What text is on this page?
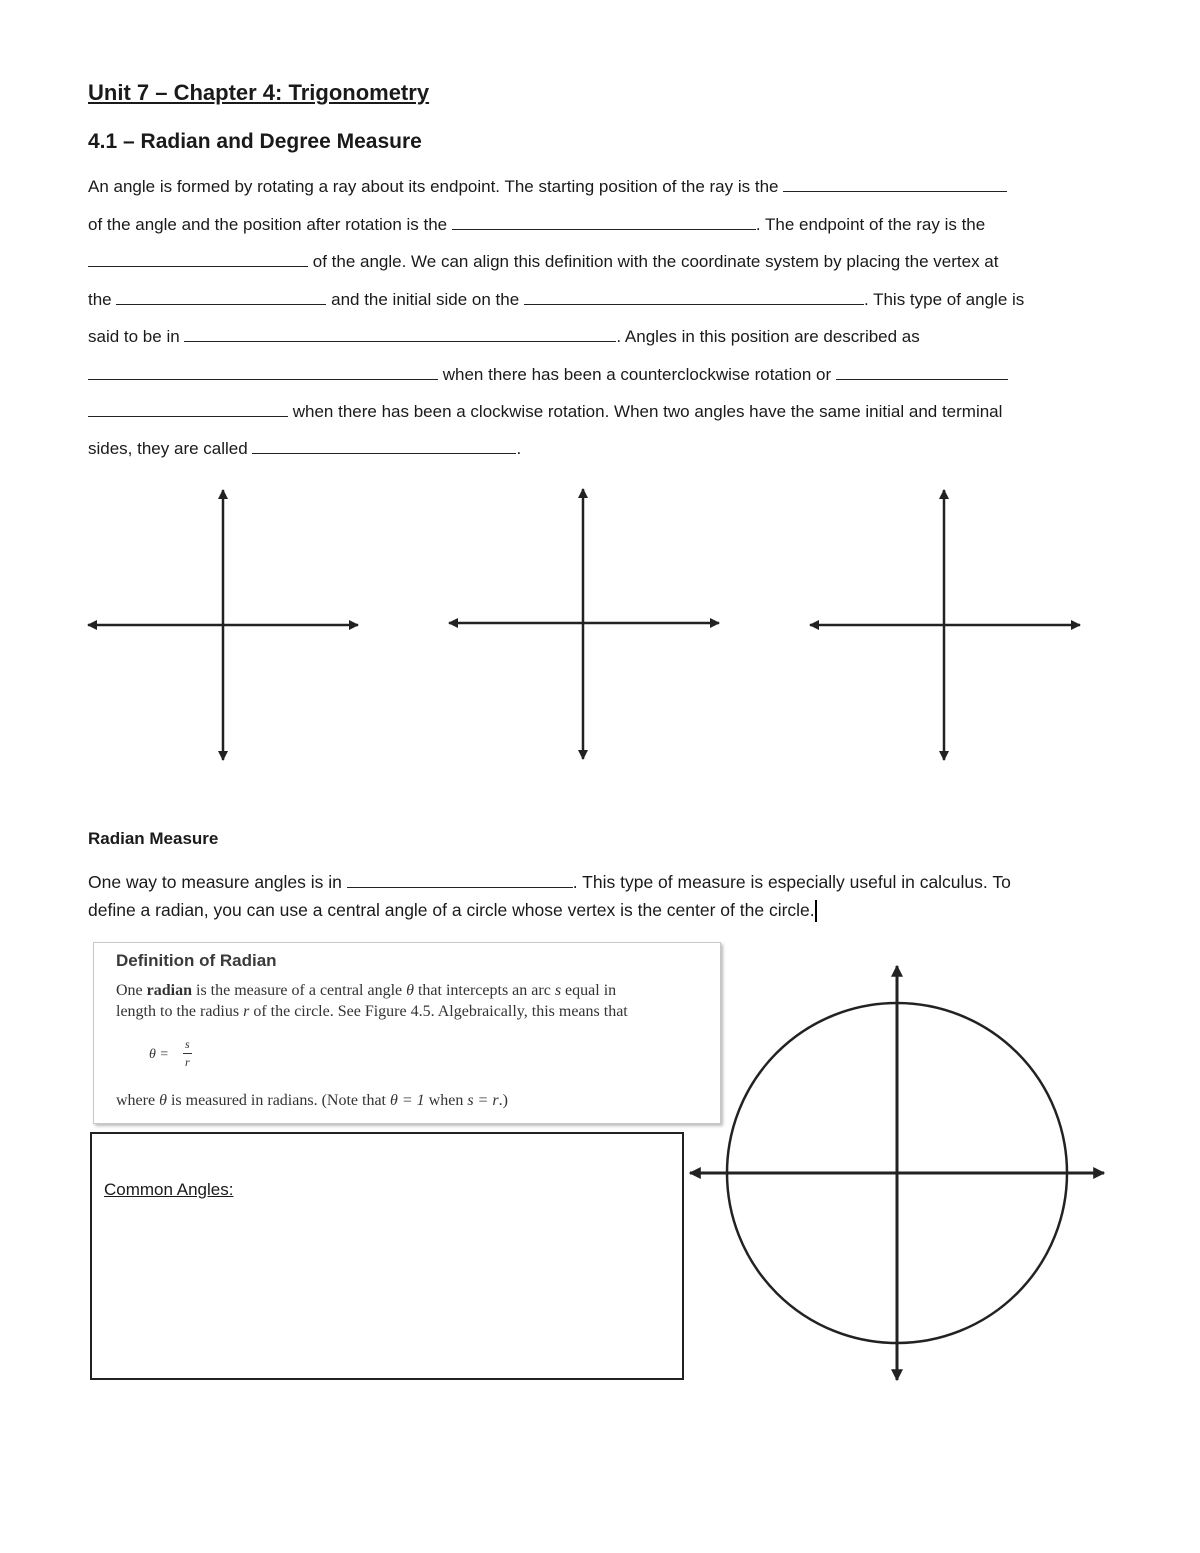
Unit 7 – Chapter 4: Trigonometry
4.1 – Radian and Degree Measure
An angle is formed by rotating a ray about its endpoint. The starting position of the ray is the
of the angle and the position after rotation is the	. The endpoint of the ray is the
of the angle. We can align this definition with the coordinate system by placing the vertex at
the	and the initial side on the	. This type of angle is
said to be in	. Angles in this position are described as
when there has been a counterclockwise rotation or
when there has been a clockwise rotation. When two angles have the same initial and terminal
sides, they are called	.
Radian Measure
One way to measure angles is in	. This type of measure is especially useful in calculus. To
define a radian, you can use a central angle of a circle whose vertex is the center of the circle.
Definition of Radian
One radian is the measure of a central angle θ that intercepts an arc s equal in
length to the radius r of the circle. See Figure 4.5. Algebraically, this means that
θ =
s
r
where θ is measured in radians. (Note that θ = 1 when s = r.)
Common Angles:
